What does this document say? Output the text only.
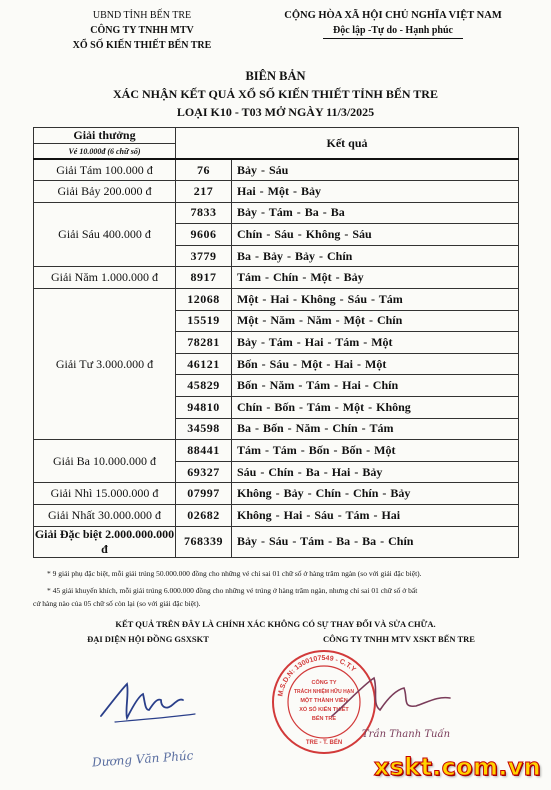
UBND TỈNH BẾN TRE
CÔNG TY TNHH MTV
XỔ SỐ KIẾN THIẾT BẾN TRE
CỘNG HÒA XÃ HỘI CHỦ NGHĨA VIỆT NAM
Độc lập -Tự do - Hạnh phúc
BIÊN BẢN
XÁC NHẬN KẾT QUẢ XỔ SỐ KIẾN THIẾT TỈNH BẾN TRE
LOẠI K10 - T03 MỞ NGÀY 11/3/2025
Giải thưởng
Vé 10.000đ (6 chữ số)	Kết quả	
Giải Tám 100.000 đ	76	Bảy - Sáu
Giải Bảy 200.000 đ	217	Hai - Một - Bảy
Giải Sáu 400.000 đ	7833	Bảy - Tám - Ba - Ba
	9606	Chín - Sáu - Không - Sáu
	3779	Ba - Bảy - Bảy - Chín
Giải Năm 1.000.000 đ	8917	Tám - Chín - Một - Bảy
Giải Tư 3.000.000 đ	12068	Một - Hai - Không - Sáu - Tám
	15519	Một - Năm - Năm - Một - Chín
	78281	Bảy - Tám - Hai - Tám - Một
	46121	Bốn - Sáu - Một - Hai - Một
	45829	Bốn - Năm - Tám - Hai - Chín
	94810	Chín - Bốn - Tám - Một - Không
	34598	Ba - Bốn - Năm - Chín - Tám
Giải Ba 10.000.000 đ	88441	Tám - Tám - Bốn - Bốn - Một
	69327	Sáu - Chín - Ba - Hai - Bảy
Giải Nhì 15.000.000 đ	07997	Không - Bảy - Chín - Chín - Bảy
Giải Nhất 30.000.000 đ	02682	Không - Hai - Sáu - Tám - Hai
Giải Đặc biệt 2.000.000.000 đ	768339	Bảy - Sáu - Tám - Ba - Ba - Chín

* 9 giải phụ đặc biệt, mỗi giải trúng 50.000.000 đồng cho những vé chỉ sai 01 chữ số ở hàng trăm ngàn (so với giải đặc biệt).

* 45 giải khuyến khích, mỗi giải trúng 6.000.000 đồng cho những vé trúng ở hàng trăm ngàn, nhưng chỉ sai 01 chữ số ở bất

cứ hàng nào của 05 chữ số còn lại (so với giải đặc biệt).

KẾT QUẢ TRÊN ĐÂY LÀ CHÍNH XÁC KHÔNG CÓ SỰ THAY ĐỔI VÀ SỬA CHỮA.
ĐẠI DIỆN HỘI ĐỒNG GSXSKT	CÔNG TY TNHH MTV XSKT BẾN TRE
Dương Văn Phúc
M.S.D.N: 1300107549 - C.T.Y
CÔNG TY
TRÁCH NHIỆM HỮU HẠN
MỘT THÀNH VIÊN
XỔ SỐ KIẾN THIẾT
BẾN TRE
TRE - T. BẾN
Trần Thanh Tuấn
xskt.com.vn
